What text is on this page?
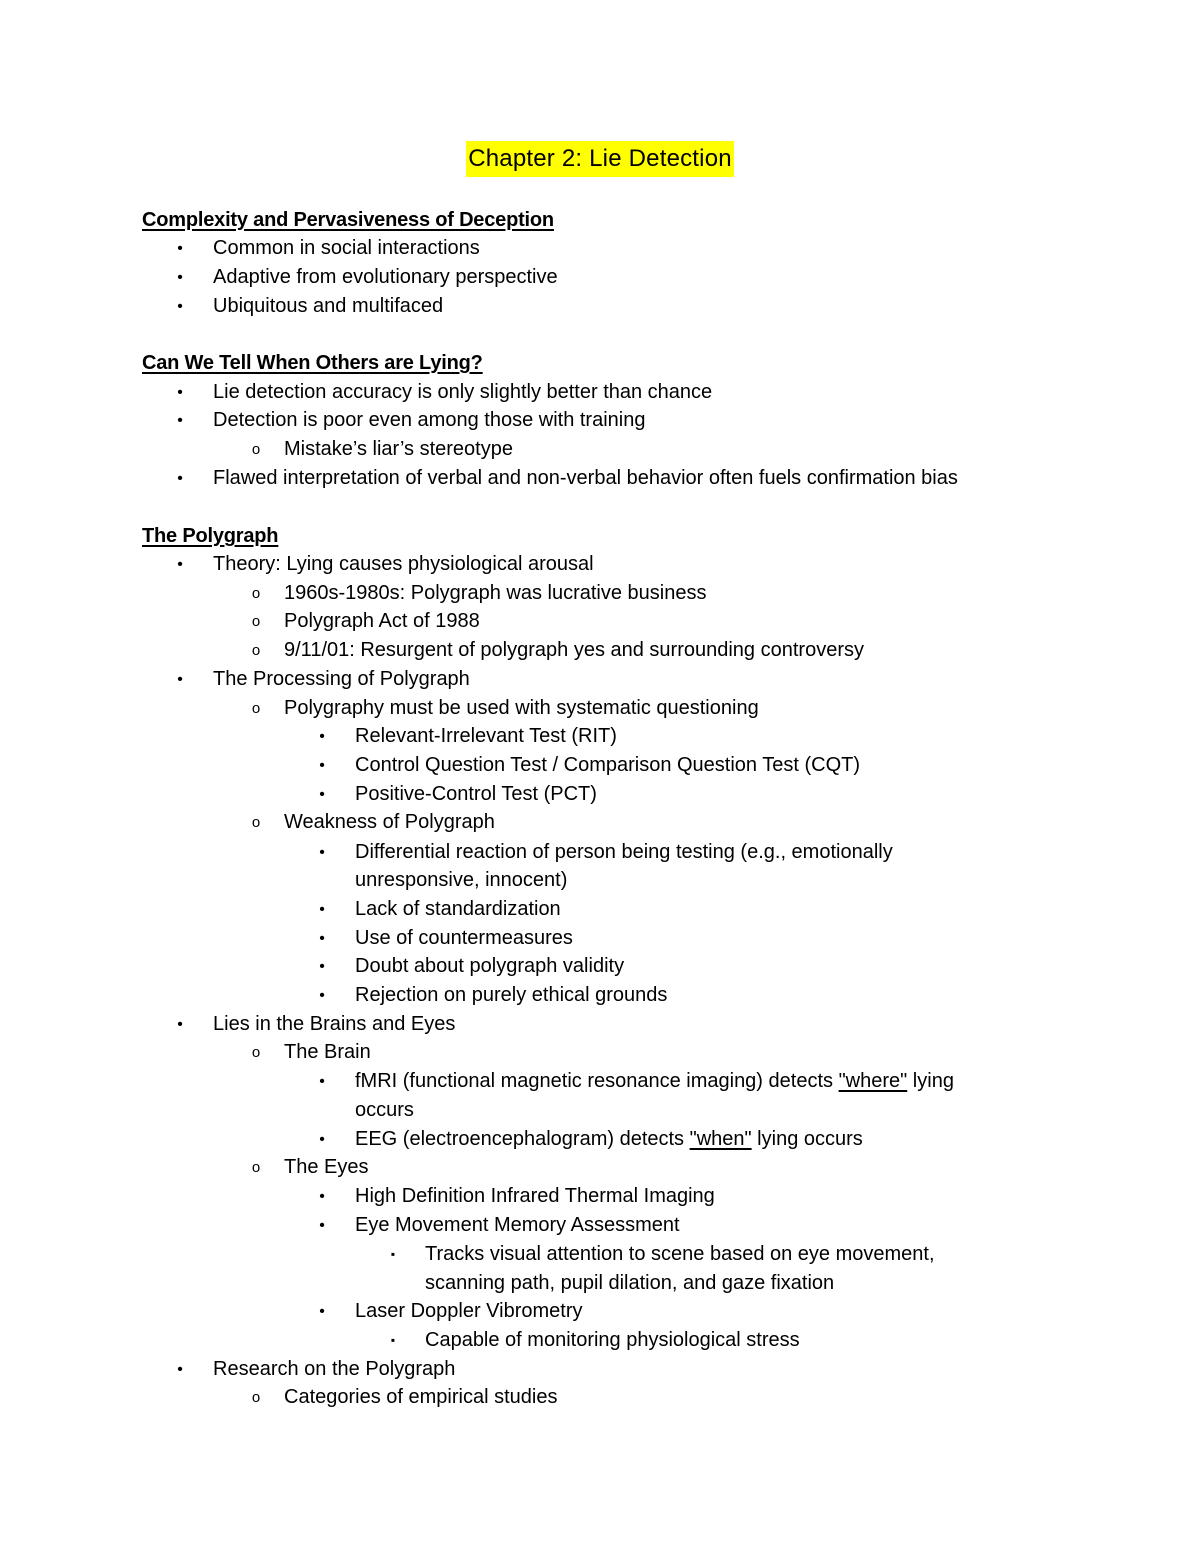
Chapter 2: Lie Detection
Complexity and Pervasiveness of Deception
•	Common in social interactions
•	Adaptive from evolutionary perspective
•	Ubiquitous and multifaced
Can We Tell When Others are Lying?
•	Lie detection accuracy is only slightly better than chance
•	Detection is poor even among those with training
o Mistake’s liar’s stereotype
•	Flawed interpretation of verbal and non-verbal behavior often fuels confirmation bias
The Polygraph
•	Theory: Lying causes physiological arousal
o 1960s-1980s: Polygraph was lucrative business
o Polygraph Act of 1988
o 9/11/01: Resurgent of polygraph yes and surrounding controversy
•	The Processing of Polygraph
o Polygraphy must be used with systematic questioning
•	Relevant-Irrelevant Test (RIT)
•	Control Question Test / Comparison Question Test (CQT)
•	Positive-Control Test (PCT)
o Weakness of Polygraph
•	Differential reaction of person being testing (e.g., emotionally
unresponsive, innocent)
•	Lack of standardization
•	Use of countermeasures
•	Doubt about polygraph validity
•	Rejection on purely ethical grounds
•	Lies in the Brains and Eyes
o The Brain
•	fMRI (functional magnetic resonance imaging) detects "where" lying
occurs
•	EEG (electroencephalogram) detects "when" lying occurs
o The Eyes
•	High Definition Infrared Thermal Imaging
•	Eye Movement Memory Assessment
▪	Tracks visual attention to scene based on eye movement,
scanning path, pupil dilation, and gaze fixation
•	Laser Doppler Vibrometry
▪	Capable of monitoring physiological stress
•	Research on the Polygraph
o Categories of empirical studies
